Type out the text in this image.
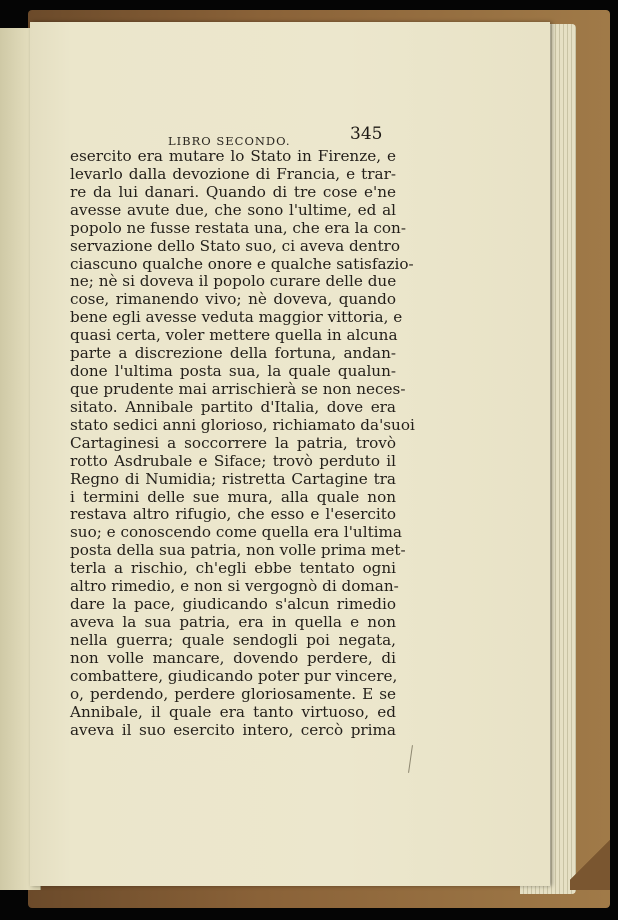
LIBRO SECONDO.	345
esercito era mutare lo Stato in Firenze, e
levarlo dalla devozione di Francia, e trar-
re da lui danari. Quando di tre cose e'ne
avesse avute due, che sono l'ultime, ed al
popolo ne fusse restata una, che era la con-
servazione dello Stato suo, ci aveva dentro
ciascuno qualche onore e qualche satisfazio-
ne; nè si doveva il popolo curare delle due
cose, rimanendo vivo; nè doveva, quando
bene egli avesse veduta maggior vittoria, e
quasi certa, voler mettere quella in alcuna
parte a discrezione della fortuna, andan-
done l'ultima posta sua, la quale qualun-
que prudente mai arrischierà se non neces-
sitato. Annibale partito d'Italia, dove era
stato sedici anni glorioso, richiamato da'suoi
Cartaginesi a soccorrere la patria, trovò
rotto Asdrubale e Siface; trovò perduto il
Regno di Numidia; ristretta Cartagine tra
i termini delle sue mura, alla quale non
restava altro rifugio, che esso e l'esercito
suo; e conoscendo come quella era l'ultima
posta della sua patria, non volle prima met-
terla a rischio, ch'egli ebbe tentato ogni
altro rimedio, e non si vergognò di doman-
dare la pace, giudicando s'alcun rimedio
aveva la sua patria, era in quella e non
nella guerra; quale sendogli poi negata,
non volle mancare, dovendo perdere, di
combattere, giudicando poter pur vincere,
o, perdendo, perdere gloriosamente. E se
Annibale, il quale era tanto virtuoso, ed
aveva il suo esercito intero, cercò prima
